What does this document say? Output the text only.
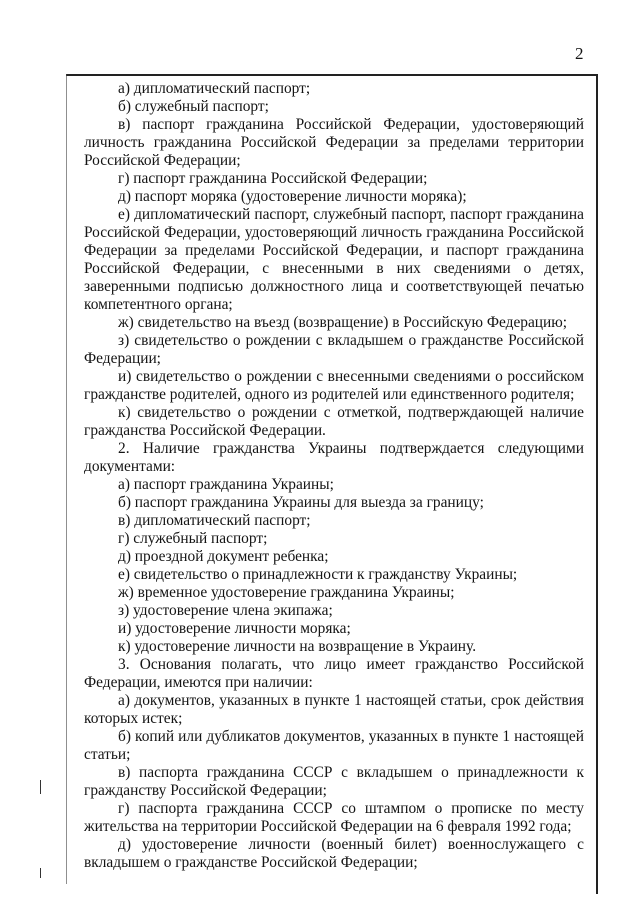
2

а) дипломатический паспорт;

б) служебный паспорт;

в) паспорт гражданина Российской Федерации, удостоверяющий личность гражданина Российской Федерации за пределами территории Российской Федерации;

г) паспорт гражданина Российской Федерации;

д) паспорт моряка (удостоверение личности моряка);

е) дипломатический паспорт, служебный паспорт, паспорт гражданина Российской Федерации, удостоверяющий личность гражданина Российской Федерации за пределами Российской Федерации, и паспорт гражданина Российской Федерации, с внесенными в них сведениями о детях, заверенными подписью должностного лица и соответствующей печатью компетентного органа;

ж) свидетельство на въезд (возвращение) в Российскую Федерацию;

з) свидетельство о рождении с вкладышем о гражданстве Российской Федерации;

и) свидетельство о рождении с внесенными сведениями о российском гражданстве родителей, одного из родителей или единственного родителя;

к) свидетельство о рождении с отметкой, подтверждающей наличие гражданства Российской Федерации.

2. Наличие гражданства Украины подтверждается следующими документами:

а) паспорт гражданина Украины;

б) паспорт гражданина Украины для выезда за границу;

в) дипломатический паспорт;

г) служебный паспорт;

д) проездной документ ребенка;

е) свидетельство о принадлежности к гражданству Украины;

ж) временное удостоверение гражданина Украины;

з) удостоверение члена экипажа;

и) удостоверение личности моряка;

к) удостоверение личности на возвращение в Украину.

3. Основания полагать, что лицо имеет гражданство Российской Федерации, имеются при наличии:

а) документов, указанных в пункте 1 настоящей статьи, срок действия которых истек;

б) копий или дубликатов документов, указанных в пункте 1 настоящей статьи;

в) паспорта гражданина СССР с вкладышем о принадлежности к гражданству Российской Федерации;

г) паспорта гражданина СССР со штампом о прописке по месту жительства на территории Российской Федерации на 6 февраля 1992 года;

д) удостоверение личности (военный билет) военнослужащего с вкладышем о гражданстве Российской Федерации;
